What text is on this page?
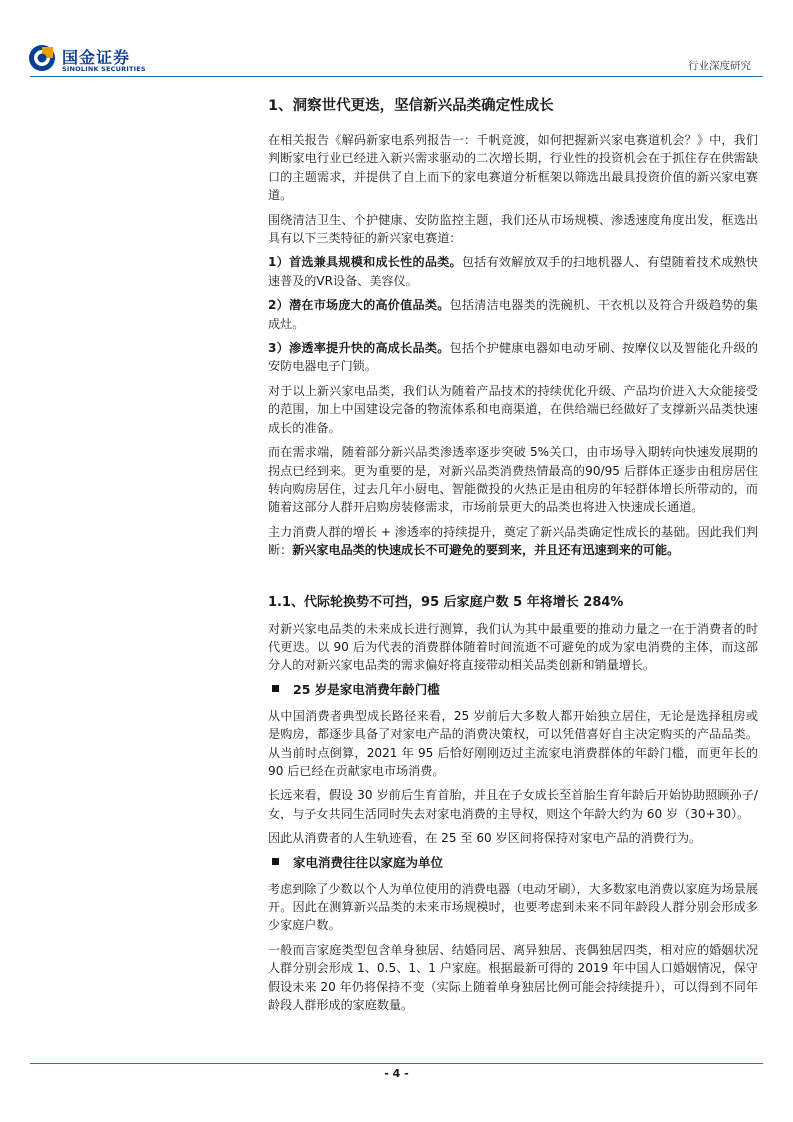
国金证券
SINOLINK SECURITIES	行业深度研究
1、洞察世代更迭，坚信新兴品类确定性成长

在相关报告《解码新家电系列报告一：千帆竞渡，如何把握新兴家电赛道机会？》中，我们判断家电行业已经进入新兴需求驱动的二次增长期，行业性的投资机会在于抓住存在供需缺口的主题需求，并提供了自上而下的家电赛道分析框架以筛选出最具投资价值的新兴家电赛道。

围绕清洁卫生、个护健康、安防监控主题，我们还从市场规模、渗透速度角度出发，框选出具有以下三类特征的新兴家电赛道：

1）首选兼具规模和成长性的品类。包括有效解放双手的扫地机器人、有望随着技术成熟快速普及的VR设备、美容仪。

2）潜在市场庞大的高价值品类。包括清洁电器类的洗碗机、干衣机以及符合升级趋势的集成灶。

3）渗透率提升快的高成长品类。包括个护健康电器如电动牙刷、按摩仪以及智能化升级的安防电器电子门锁。

对于以上新兴家电品类，我们认为随着产品技术的持续优化升级、产品均价进入大众能接受的范围，加上中国建设完备的物流体系和电商渠道，在供给端已经做好了支撑新兴品类快速成长的准备。

而在需求端，随着部分新兴品类渗透率逐步突破 5%关口，由市场导入期转向快速发展期的拐点已经到来。更为重要的是，对新兴品类消费热情最高的90/95 后群体正逐步由租房居住转向购房居住，过去几年小厨电、智能微投的火热正是由租房的年轻群体增长所带动的，而随着这部分人群开启购房装修需求，市场前景更大的品类也将进入快速成长通道。

主力消费人群的增长 + 渗透率的持续提升，奠定了新兴品类确定性成长的基础。因此我们判断：新兴家电品类的快速成长不可避免的要到来，并且还有迅速到来的可能。

1.1、代际轮换势不可挡，95 后家庭户数 5 年将增长 284%

对新兴家电品类的未来成长进行测算，我们认为其中最重要的推动力量之一在于消费者的时代更迭。以 90 后为代表的消费群体随着时间流逝不可避免的成为家电消费的主体，而这部分人的对新兴家电品类的需求偏好将直接带动相关品类创新和销量增长。

25 岁是家电消费年龄门槛

从中国消费者典型成长路径来看，25 岁前后大多数人都开始独立居住，无论是选择租房或是购房，都逐步具备了对家电产品的消费决策权，可以凭借喜好自主决定购买的产品品类。从当前时点倒算，2021 年 95 后恰好刚刚迈过主流家电消费群体的年龄门槛，而更年长的 90 后已经在贡献家电市场消费。

长远来看，假设 30 岁前后生育首胎，并且在子女成长至首胎生育年龄后开始协助照顾孙子/女，与子女共同生活同时失去对家电消费的主导权，则这个年龄大约为 60 岁（30+30）。

因此从消费者的人生轨迹看，在 25 至 60 岁区间将保持对家电产品的消费行为。

家电消费往往以家庭为单位

考虑到除了少数以个人为单位使用的消费电器（电动牙刷），大多数家电消费以家庭为场景展开。因此在测算新兴品类的未来市场规模时，也要考虑到未来不同年龄段人群分别会形成多少家庭户数。

一般而言家庭类型包含单身独居、结婚同居、离异独居、丧偶独居四类，相对应的婚姻状况人群分别会形成 1、0.5、1、1 户家庭。根据最新可得的 2019 年中国人口婚姻情况，保守假设未来 20 年仍将保持不变（实际上随着单身独居比例可能会持续提升），可以得到不同年龄段人群形成的家庭数量。

- 4 -
